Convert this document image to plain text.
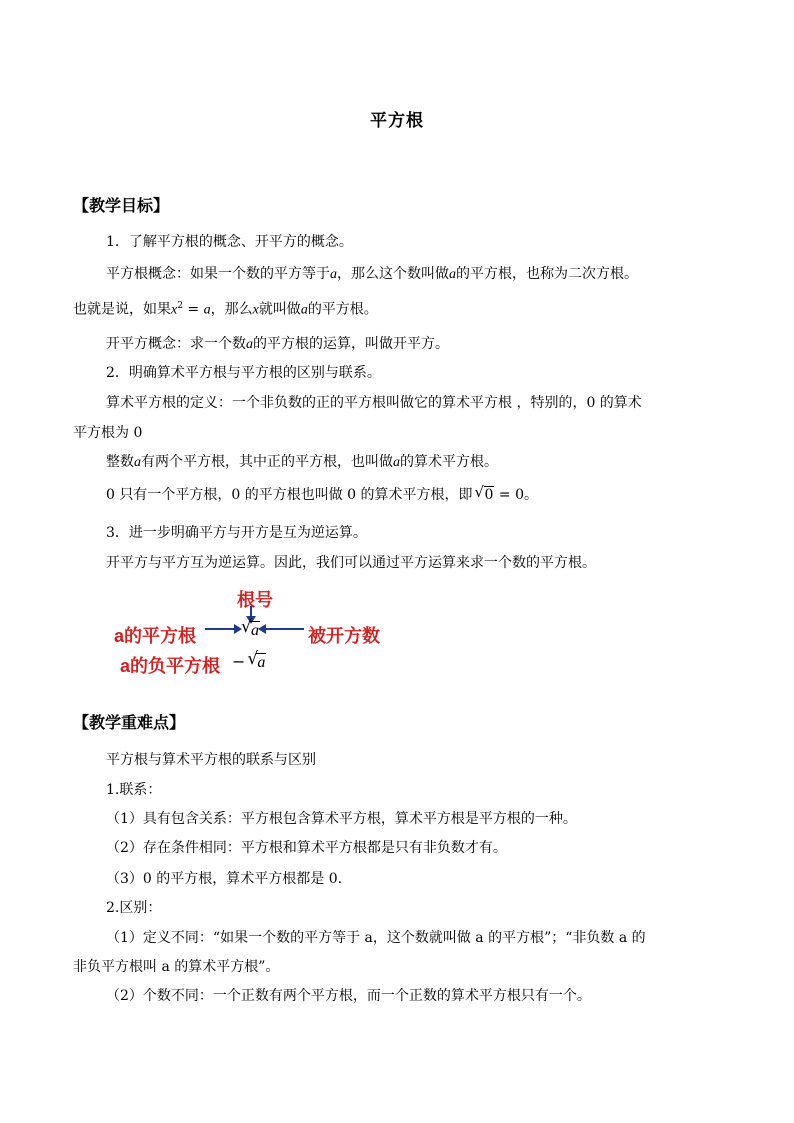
平方根
【教学目标】
1．了解平方根的概念、开平方的概念。
平方根概念：如果一个数的平方等于a，那么这个数叫做a的平方根，也称为二次方根。
也就是说，如果$x^2 = a$，那么x就叫做a的平方根。
开平方概念：求一个数a的平方根的运算，叫做开平方。
2．明确算术平方根与平方根的区别与联系。
算术平方根的定义：一个非负数的正的平方根叫做它的算术平方根 ，特别的，0 的算术
平方根为 0
整数a有两个平方根，其中正的平方根，也叫做a的算术平方根。
0 只有一个平方根，0 的平方根也叫做 0 的算术平方根，即 √ 0 = 0。
3．进一步明确平方与开方是互为逆运算。
开平方与平方互为逆运算。因此，我们可以通过平方运算来求一个数的平方根。
根号
a的平方根	被开方数
a的负平方根
√ a
− √ a
【教学重难点】
平方根与算术平方根的联系与区别
1.联系：
（1）具有包含关系：平方根包含算术平方根，算术平方根是平方根的一种。
（2）存在条件相同：平方根和算术平方根都是只有非负数才有。
（3）0 的平方根，算术平方根都是 0.
2.区别：
（1）定义不同：“如果一个数的平方等于 a，这个数就叫做 a 的平方根”；“非负数 a 的
非负平方根叫 a 的算术平方根”。
（2）个数不同：一个正数有两个平方根，而一个正数的算术平方根只有一个。
